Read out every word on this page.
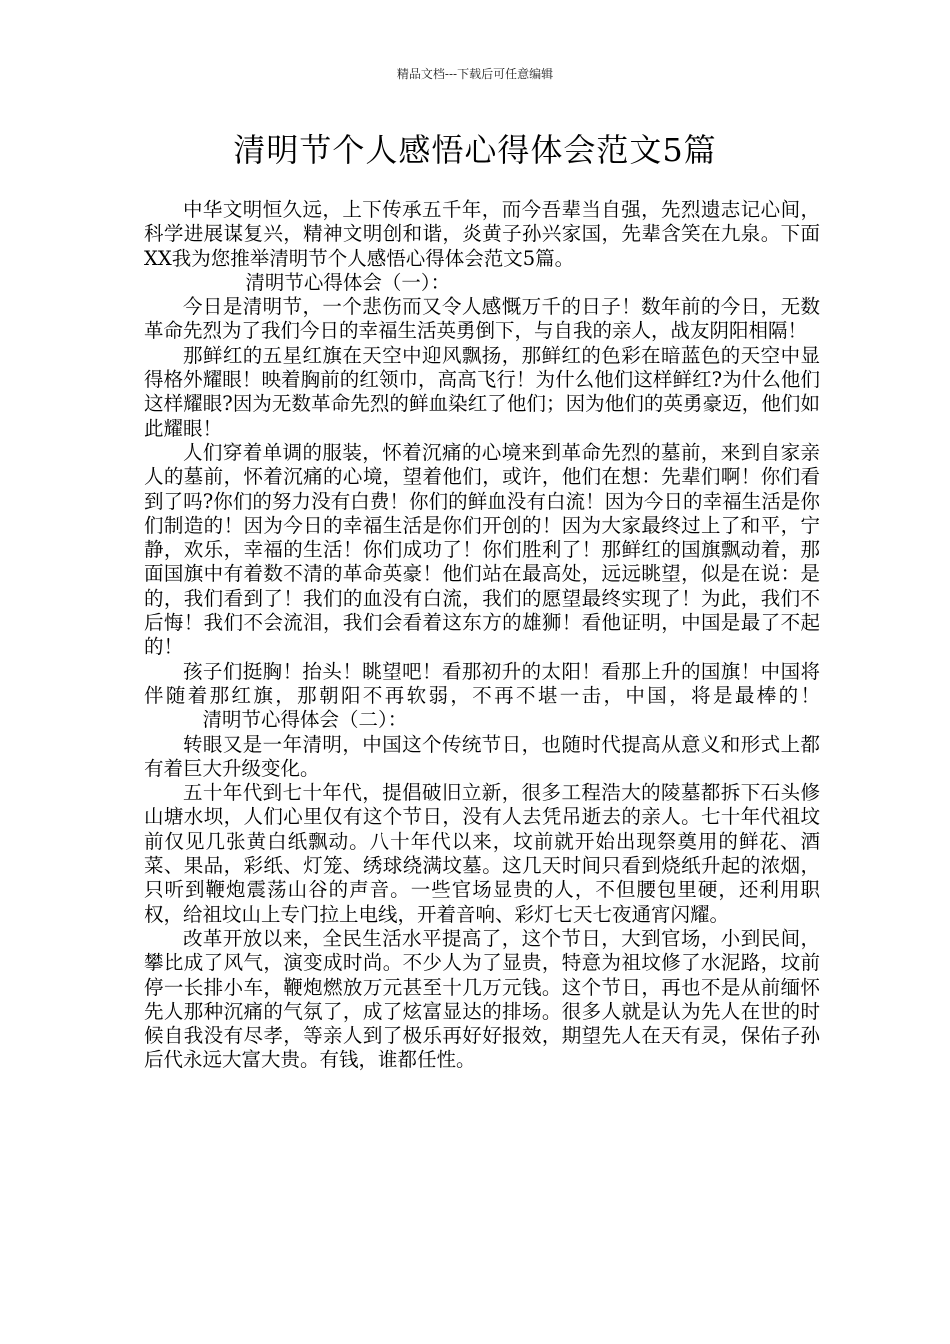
精品文档---下载后可任意编辑
清明节个人感悟心得体会范文5篇

中华文明恒久远，上下传承五千年，而今吾辈当自强，先烈遗志记心间，科学进展谋复兴，精神文明创和谐，炎黄子孙兴家国，先辈含笑在九泉。下面XX我为您推举清明节个人感悟心得体会范文5篇。

清明节心得体会（一）：

今日是清明节，一个悲伤而又令人感慨万千的日子！数年前的今日，无数革命先烈为了我们今日的幸福生活英勇倒下，与自我的亲人，战友阴阳相隔！

那鲜红的五星红旗在天空中迎风飘扬，那鲜红的色彩在暗蓝色的天空中显得格外耀眼！映着胸前的红领巾，高高飞行！为什么他们这样鲜红?为什么他们这样耀眼?因为无数革命先烈的鲜血染红了他们；因为他们的英勇豪迈，他们如此耀眼！

人们穿着单调的服装，怀着沉痛的心境来到革命先烈的墓前，来到自家亲人的墓前，怀着沉痛的心境，望着他们，或许，他们在想：先辈们啊！你们看到了吗?你们的努力没有白费！你们的鲜血没有白流！因为今日的幸福生活是你们制造的！因为今日的幸福生活是你们开创的！因为大家最终过上了和平，宁静，欢乐，幸福的生活！你们成功了！你们胜利了！那鲜红的国旗飘动着，那面国旗中有着数不清的革命英豪！他们站在最高处，远远眺望，似是在说：是的，我们看到了！我们的血没有白流，我们的愿望最终实现了！为此，我们不后悔！我们不会流泪，我们会看着这东方的雄狮！看他证明，中国是最了不起的！

孩子们挺胸！抬头！眺望吧！看那初升的太阳！看那上升的国旗！中国将伴随着那红旗，那朝阳不再软弱，不再不堪一击，中国，将是最棒的！清明节心得体会（二）：

转眼又是一年清明，中国这个传统节日，也随时代提高从意义和形式上都有着巨大升级变化。

五十年代到七十年代，提倡破旧立新，很多工程浩大的陵墓都拆下石头修山塘水坝，人们心里仅有这个节日，没有人去凭吊逝去的亲人。七十年代祖坟前仅见几张黄白纸飘动。八十年代以来，坟前就开始出现祭奠用的鲜花、酒菜、果品，彩纸、灯笼、绣球绕满坟墓。这几天时间只看到烧纸升起的浓烟，只听到鞭炮震荡山谷的声音。一些官场显贵的人，不但腰包里硬，还利用职权，给祖坟山上专门拉上电线，开着音响、彩灯七天七夜通宵闪耀。

改革开放以来，全民生活水平提高了，这个节日，大到官场，小到民间，攀比成了风气，演变成时尚。不少人为了显贵，特意为祖坟修了水泥路，坟前停一长排小车，鞭炮燃放万元甚至十几万元钱。这个节日，再也不是从前缅怀先人那种沉痛的气氛了，成了炫富显达的排场。很多人就是认为先人在世的时候自我没有尽孝，等亲人到了极乐再好好报效，期望先人在天有灵，保佑子孙后代永远大富大贵。有钱，谁都任性。
